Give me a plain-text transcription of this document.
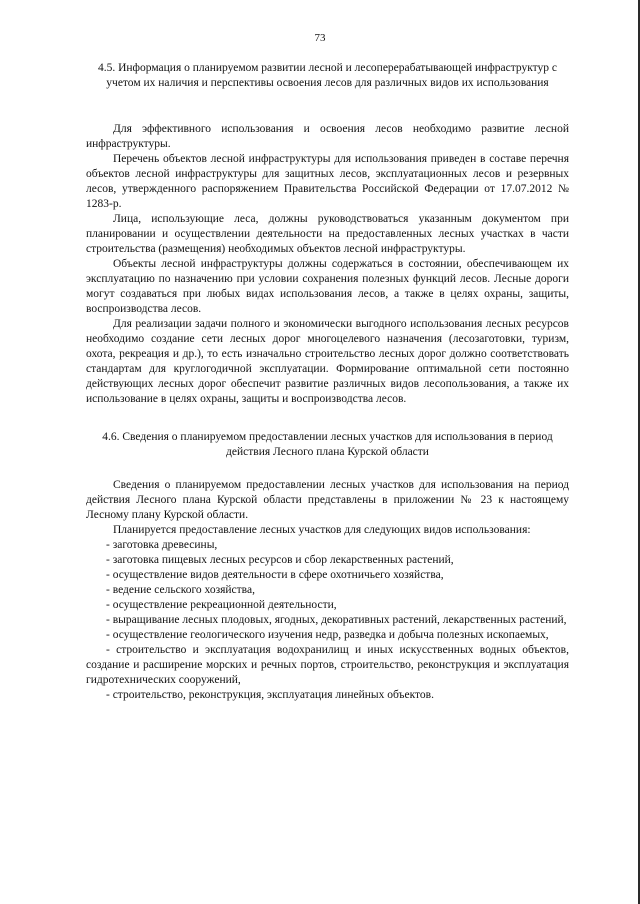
73

4.5. Информация о планируемом развитии лесной и лесоперерабатывающей инфраструктур с учетом их наличия и перспективы освоения лесов для различных видов их использования

Для эффективного использования и освоения лесов необходимо развитие лесной инфраструктуры.

Перечень объектов лесной инфраструктуры для использования приведен в составе перечня объектов лесной инфраструктуры для защитных лесов, эксплуатационных лесов и резервных лесов, утвержденного распоряжением Правительства Российской Федерации от 17.07.2012 № 1283-р.

Лица, использующие леса, должны руководствоваться указанным документом при планировании и осуществлении деятельности на предоставленных лесных участках в части строительства (размещения) необходимых объектов лесной инфраструктуры.

Объекты лесной инфраструктуры должны содержаться в состоянии, обеспечивающем их эксплуатацию по назначению при условии сохранения полезных функций лесов. Лесные дороги могут создаваться при любых видах использования лесов, а также в целях охраны, защиты, воспроизводства лесов.

Для реализации задачи полного и экономически выгодного использования лесных ресурсов необходимо создание сети лесных дорог многоцелевого назначения (лесозаготовки, туризм, охота, рекреация и др.), то есть изначально строительство лесных дорог должно соответствовать стандартам для круглогодичной эксплуатации. Формирование оптимальной сети постоянно действующих лесных дорог обеспечит развитие различных видов лесопользования, а также их использование в целях охраны, защиты и воспроизводства лесов.

4.6. Сведения о планируемом предоставлении лесных участков для использования в период действия Лесного плана Курской области

Сведения о планируемом предоставлении лесных участков для использования на период действия Лесного плана Курской области представлены в приложении № 23 к настоящему Лесному плану Курской области.

Планируется предоставление лесных участков для следующих видов использования:

- заготовка древесины,
- заготовка пищевых лесных ресурсов и сбор лекарственных растений,
- осуществление видов деятельности в сфере охотничьего хозяйства,
- ведение сельского хозяйства,
- осуществление рекреационной деятельности,
- выращивание лесных плодовых, ягодных, декоративных растений, лекарственных растений,
- осуществление геологического изучения недр, разведка и добыча полезных ископаемых,
- строительство и эксплуатация водохранилищ и иных искусственных водных объектов, создание и расширение морских и речных портов, строительство, реконструкция и эксплуатация гидротехнических сооружений,
- строительство, реконструкция, эксплуатация линейных объектов.
